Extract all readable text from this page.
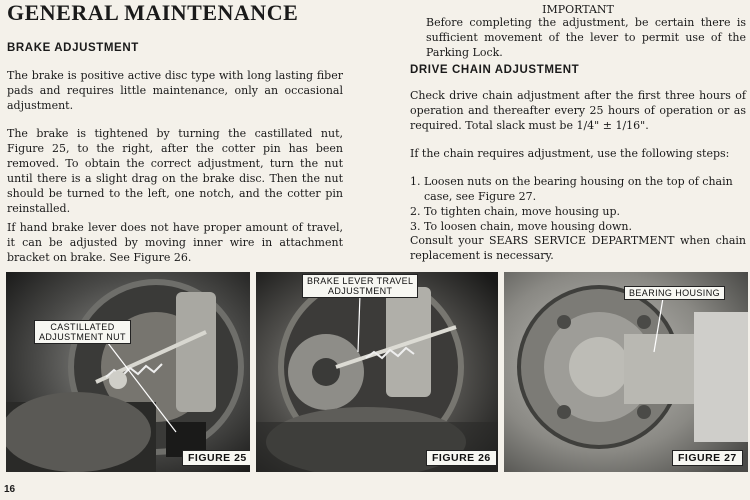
GENERAL MAINTENANCE
BRAKE ADJUSTMENT

The brake is positive active disc type with long lasting fiber pads and requires little maintenance, only an occasional adjustment.

The brake is tightened by turning the castillated nut, Figure 25, to the right, after the cotter pin has been removed. To obtain the correct adjustment, turn the nut until there is a slight drag on the brake disc. Then the nut should be turned to the left, one notch, and the cotter pin reinstalled.

If hand brake lever does not have proper amount of travel, it can be adjusted by moving inner wire in attachment bracket on brake. See Figure 26.

IMPORTANT

Before completing the adjustment, be certain there is sufficient movement of the lever to permit use of the Parking Lock.

DRIVE CHAIN ADJUSTMENT

Check drive chain adjustment after the first three hours of operation and thereafter every 25 hours of operation or as required. Total slack must be 1/4" ± 1/16".

If the chain requires adjustment, use the following steps:

1. Loosen nuts on the bearing housing on the top of chain case, see Figure 27.
2. To tighten chain, move housing up.
3. To loosen chain, move housing down.

Consult your SEARS SERVICE DEPARTMENT when chain replacement is necessary.

CASTILLATED
ADJUSTMENT NUT
FIGURE 25
BRAKE LEVER TRAVEL
ADJUSTMENT
FIGURE 26
BEARING HOUSING
FIGURE 27
16
